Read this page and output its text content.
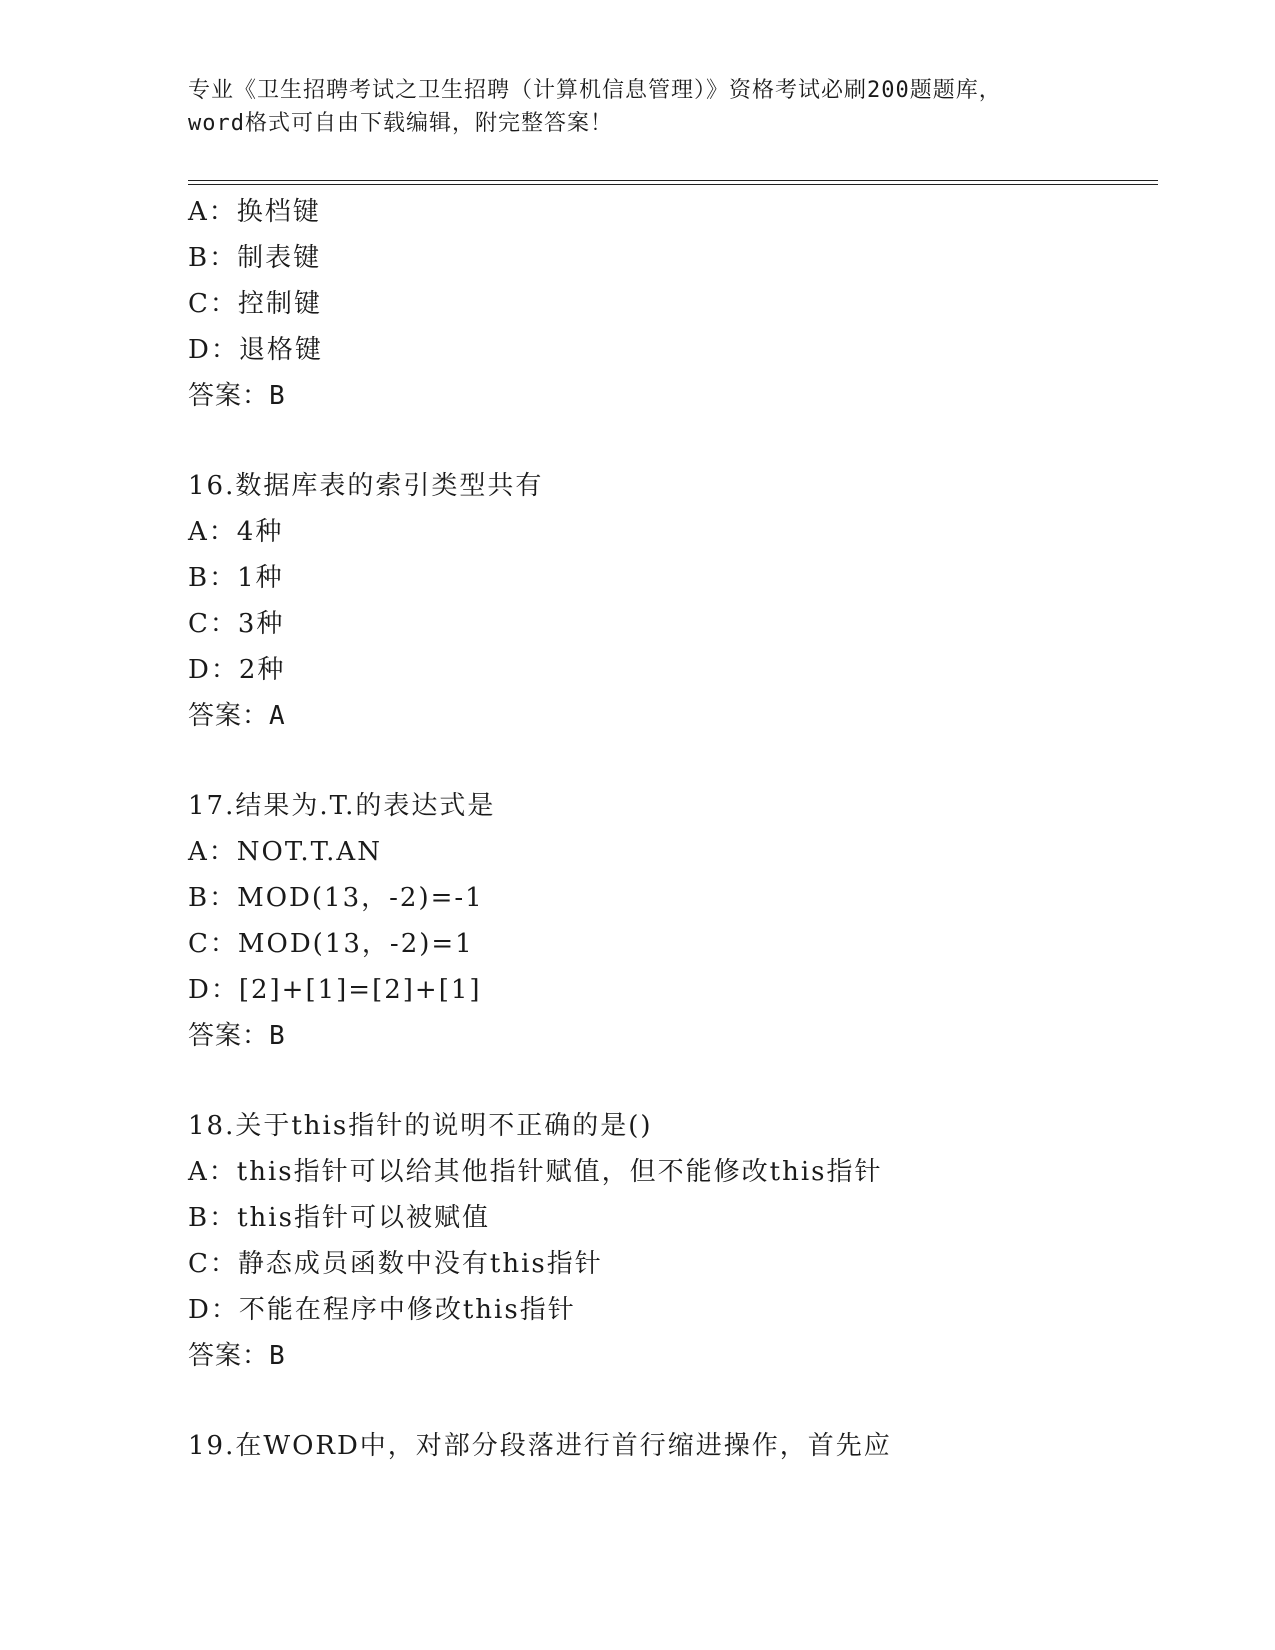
专业《卫生招聘考试之卫生招聘（计算机信息管理）》资格考试必刷200题题库，
word格式可自由下载编辑，附完整答案！
A：换档键
B：制表键
C：控制键
D：退格键
答案：B
16.数据库表的索引类型共有
A：4种
B：1种
C：3种
D：2种
答案：A
17.结果为.T.的表达式是
A：NOT.T.AN
B：MOD(13，-2)=-1
C：MOD(13，-2)=1
D：[2]+[1]=[2]+[1]
答案：B
18.关于this指针的说明不正确的是()
A：this指针可以给其他指针赋值，但不能修改this指针
B：this指针可以被赋值
C：静态成员函数中没有this指针
D：不能在程序中修改this指针
答案：B
19.在WORD中，对部分段落进行首行缩进操作，首先应
